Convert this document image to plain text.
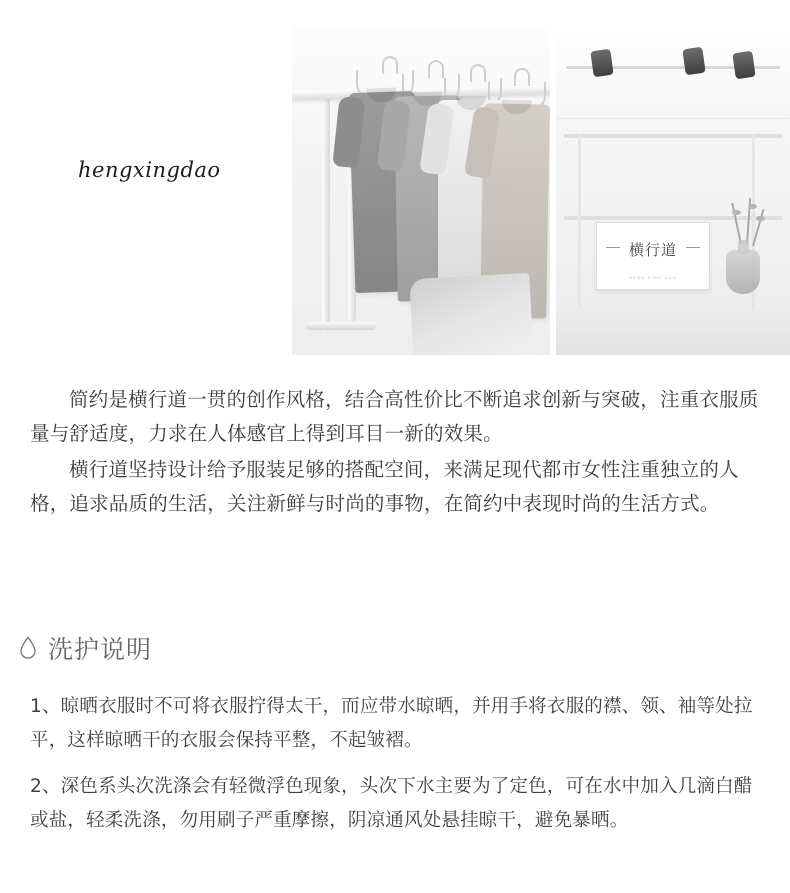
hengxingdao
横行道
HENG XING DAO

简约是横行道一贯的创作风格，结合高性价比不断追求创新与突破，注重衣服质量与舒适度，力求在人体感官上得到耳目一新的效果。

横行道坚持设计给予服装足够的搭配空间，来满足现代都市女性注重独立的人格，追求品质的生活，关注新鲜与时尚的事物，在简约中表现时尚的生活方式。

洗护说明
1、晾晒衣服时不可将衣服拧得太干，而应带水晾晒，并用手将衣服的襟、领、袖等处拉平，这样晾晒干的衣服会保持平整，不起皱褶。
2、深色系头次洗涤会有轻微浮色现象，头次下水主要为了定色，可在水中加入几滴白醋或盐，轻柔洗涤，勿用刷子严重摩擦，阴凉通风处悬挂晾干，避免暴晒。
